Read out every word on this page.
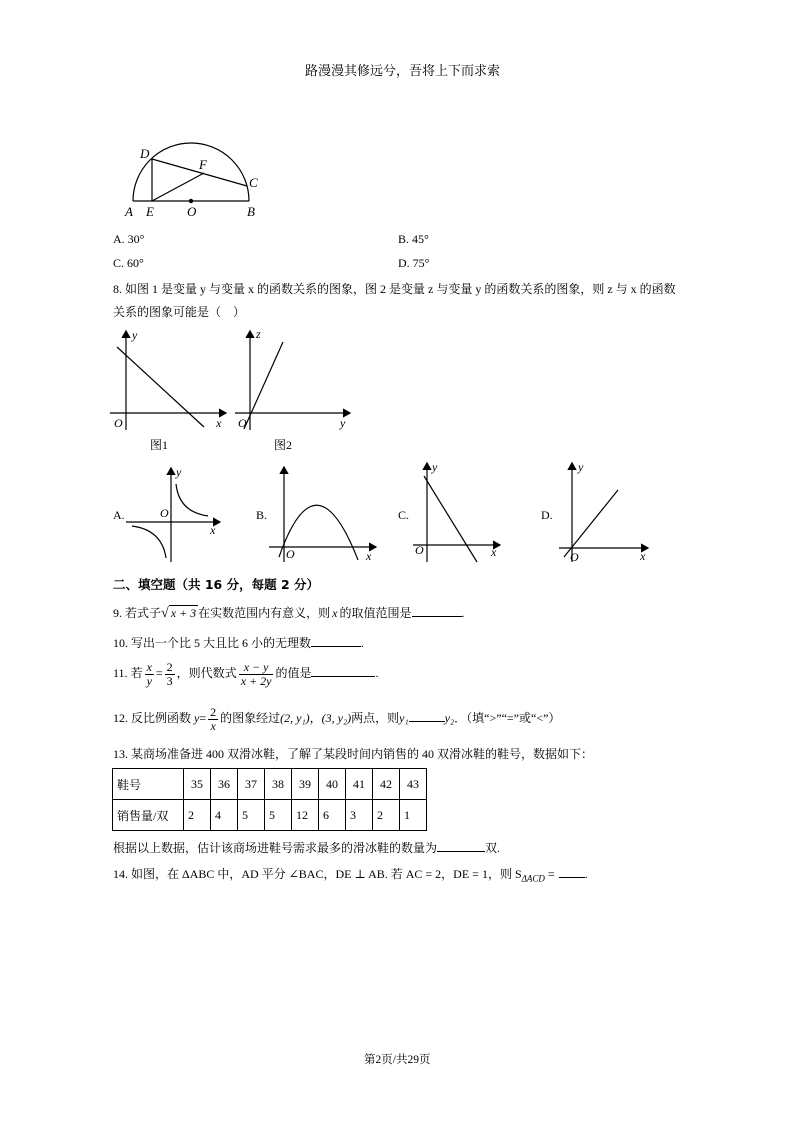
路漫漫其修远兮，吾将上下而求索
D
F
C
A E	O	B
A. 30°	B. 45°
C. 60°	D. 75°
8. 如图 1 是变量 y 与变量 x 的函数关系的图象，图 2 是变量 z 与变量 y 的函数关系的图象，则 z 与 x 的函数
关系的图象可能是（　）
y
O	x
图1
z
O	y
图2
A.
y
O
x
B.
O	x
C.
y
O	x
D.
y
O	x
二、填空题（共 16 分，每题 2 分）
9. 若式子√ x + 3 在实数范围内有意义，则 x 的取值范围是	.
10. 写出一个比 5 大且比 6 小的无理数	.
11. 若 $\frac{x}{y} = \frac{2}{3}$ ，则代数式 $\frac{x - y}{x + 2y}$ 的值是	.
12. 反比例函数 $y= \frac{2}{x}$ 的图象经过(2, y₁)，(3, y₂)两点，则y₁	y₂．（填“>”“=”或“<”）
13. 某商场准备进 400 双滑冰鞋，了解了某段时间内销售的 40 双滑冰鞋的鞋号，数据如下：
鞋号	35	36	37	38	39	40	41	42	43
销售量/双	2	4	5	5	12	6	3	2	1
根据以上数据，估计该商场进鞋号需求最多的滑冰鞋的数量为	双.
14. 如图，在 ΔABC 中，AD 平分 ∠BAC，DE ⊥ AB. 若 AC = 2，DE = 1，则 $S_{\Delta ACD}$ =	.
第2页/共29页
